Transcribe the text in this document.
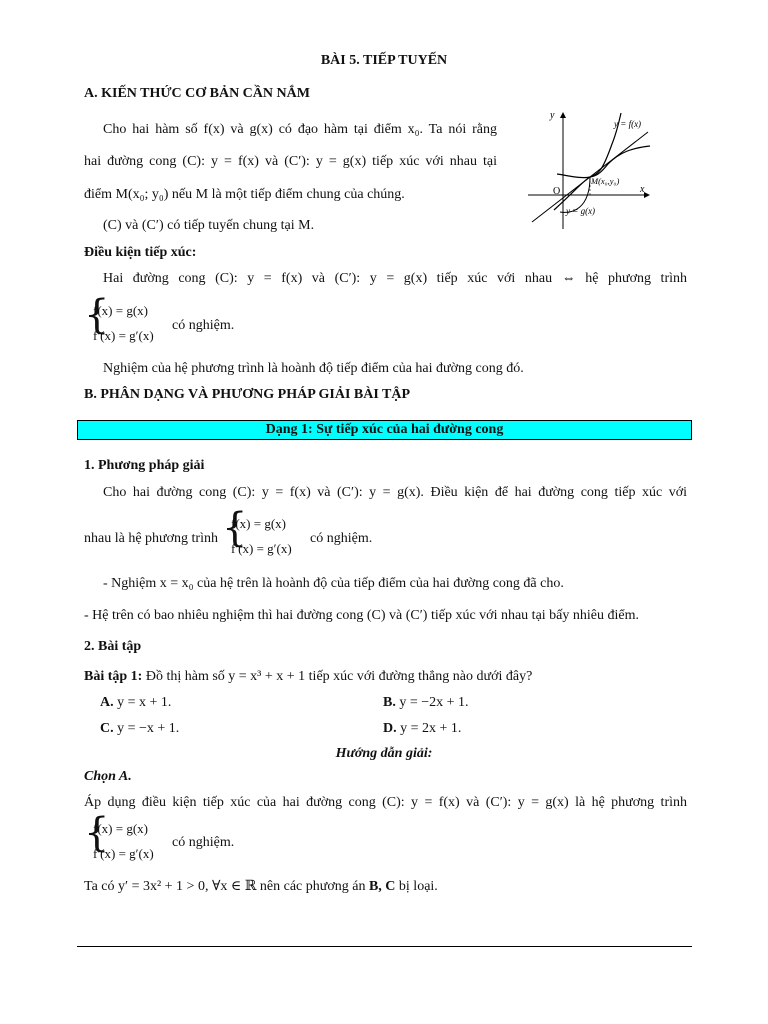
BÀI 5. TIẾP TUYẾN
A. KIẾN THỨC CƠ BẢN CẦN NẮM
Cho hai hàm số f(x) và g(x) có đạo hàm tại điểm x₀. Ta nói rằng
hai đường cong (C): y = f(x) và (C′): y = g(x) tiếp xúc với nhau tại
điểm M(x₀; y₀) nếu M là một tiếp điểm chung của chúng.
(C) và (C′) có tiếp tuyến chung tại M.
y
x
O
y = f(x)
y = g(x)
M(x₀,y₀)
Điều kiện tiếp xúc:
Hai đường cong (C): y = f(x) và (C′): y = g(x) tiếp xúc với nhau ⇔ hệ phương trình
{
f(x) = g(x)
f′(x) = g′(x)
có nghiệm.
Nghiệm của hệ phương trình là hoành độ tiếp điểm của hai đường cong đó.
B. PHÂN DẠNG VÀ PHƯƠNG PHÁP GIẢI BÀI TẬP
Dạng 1: Sự tiếp xúc của hai đường cong
1. Phương pháp giải
Cho hai đường cong (C): y = f(x) và (C′): y = g(x). Điều kiện để hai đường cong tiếp xúc với
nhau là hệ phương trình {
f(x) = g(x)
f′(x) = g′(x)
có nghiệm.
- Nghiệm x = x₀ của hệ trên là hoành độ của tiếp điểm của hai đường cong đã cho.
- Hệ trên có bao nhiêu nghiệm thì hai đường cong (C) và (C′) tiếp xúc với nhau tại bấy nhiêu điểm.
2. Bài tập
Bài tập 1: Đồ thị hàm số y = x³ + x + 1 tiếp xúc với đường thẳng nào dưới đây?
A. y = x + 1.	B. y = −2x + 1.
C. y = −x + 1.	D. y = 2x + 1.
Hướng dẫn giải:
Chọn A.
Áp dụng điều kiện tiếp xúc của hai đường cong (C): y = f(x) và (C′): y = g(x) là hệ phương trình
{
f(x) = g(x)
f′(x) = g′(x)
có nghiệm.
Ta có y′ = 3x² + 1 > 0, ∀x ∈ ℝ nên các phương án B, C bị loại.
